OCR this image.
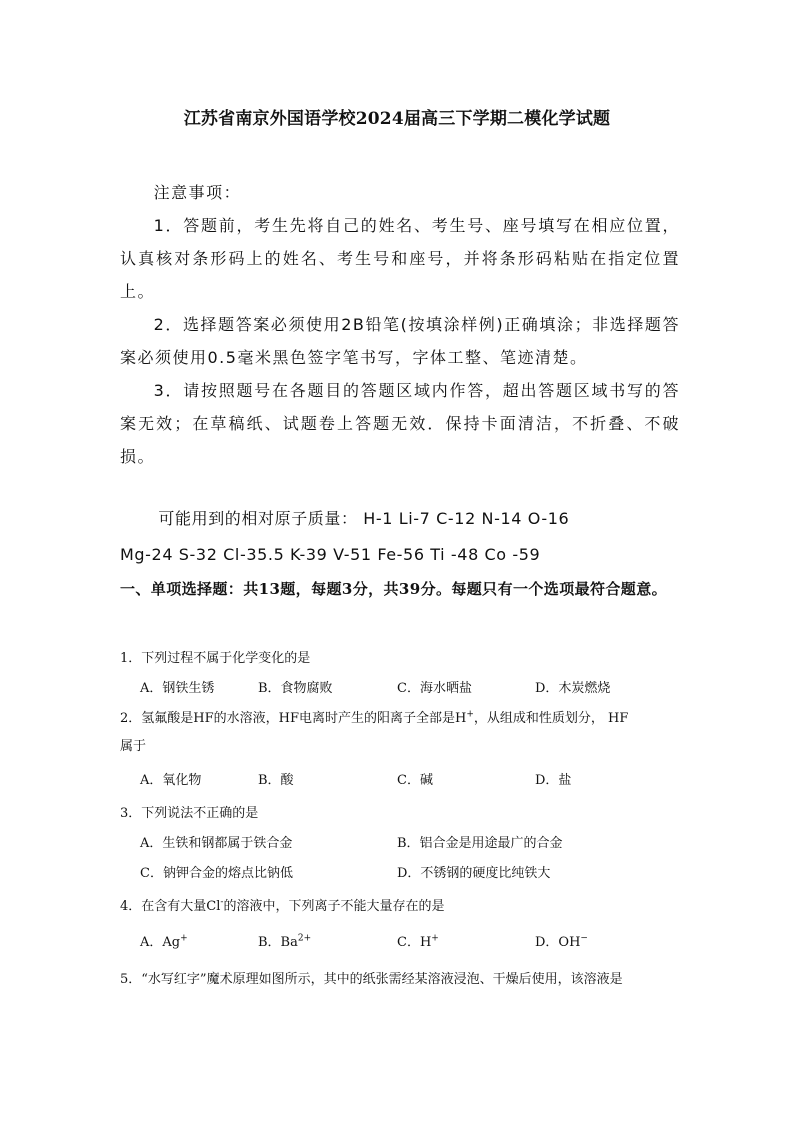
江苏省南京外国语学校2024届高三下学期二模化学试题

注意事项：

1．答题前，考生先将自己的姓名、考生号、座号填写在相应位置，认真核对条形码上的姓名、考生号和座号，并将条形码粘贴在指定位置上。

2．选择题答案必须使用2B铅笔(按填涂样例)正确填涂；非选择题答案必须使用0.5毫米黑色签字笔书写，字体工整、笔迹清楚。

3．请按照题号在各题目的答题区域内作答，超出答题区域书写的答案无效；在草稿纸、试题卷上答题无效．保持卡面清洁，不折叠、不破损。

可能用到的相对原子质量： H-1 Li-7 C-12 N-14 O-16

Mg-24 S-32 Cl-35.5 K-39 V-51 Fe-56 Ti -48 Co -59

一、单项选择题：共13题，每题3分，共39分。每题只有一个选项最符合题意。

1．下列过程不属于化学变化的是

A．钢铁生锈	B．食物腐败	C．海水晒盐	D．木炭燃烧

2．氢氟酸是HF的水溶液，HF电离时产生的阳离子全部是H+，从组成和性质划分， HF

属于

A．氧化物	B．酸	C．碱	D．盐

3．下列说法不正确的是

A．生铁和钢都属于铁合金	B．铝合金是用途最广的合金
C．钠钾合金的熔点比钠低	D．不锈钢的硬度比纯铁大

4．在含有大量Cl-的溶液中，下列离子不能大量存在的是

A．Ag+	B．$Ba^{2+}$	C．H+	D．OH−

5．“水写红字”魔术原理如图所示，其中的纸张需经某溶液浸泡、干燥后使用，该溶液是
